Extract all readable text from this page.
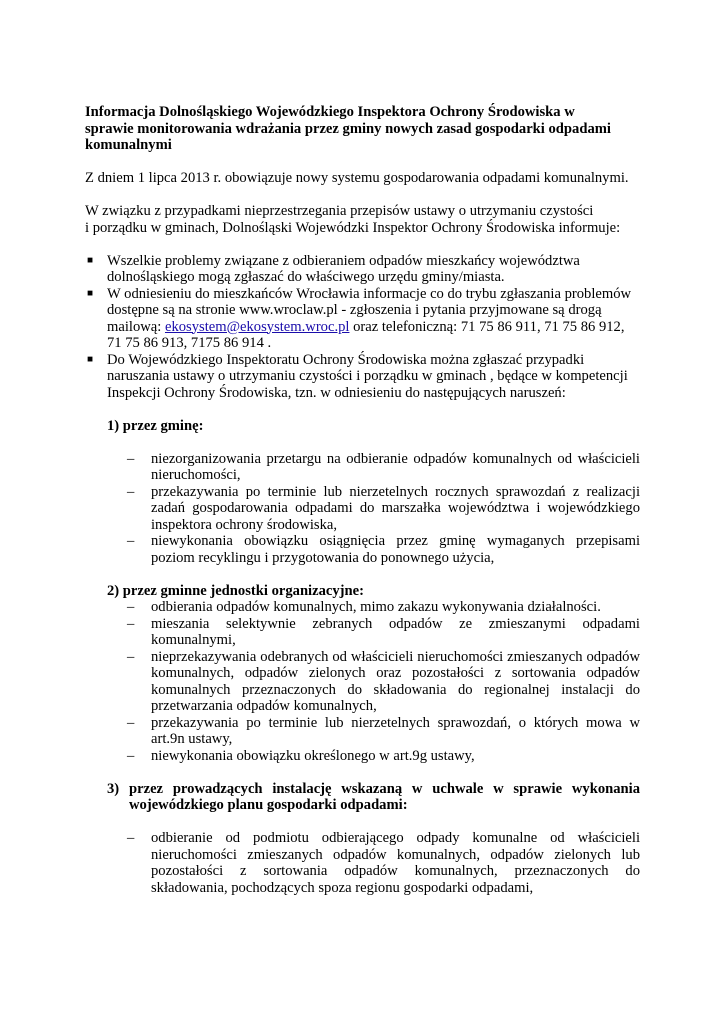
Informacja Dolnośląskiego Wojewódzkiego Inspektora Ochrony Środowiska w sprawie monitorowania wdrażania przez gminy nowych zasad gospodarki odpadami komunalnymi

Z dniem 1 lipca 2013 r. obowiązuje nowy systemu gospodarowania odpadami komunalnymi.

W związku z przypadkami nieprzestrzegania przepisów ustawy o utrzymaniu czystości
i porządku w gminach, Dolnośląski Wojewódzki Inspektor Ochrony Środowiska informuje:

■ Wszelkie problemy związane z odbieraniem odpadów mieszkańcy województwa dolnośląskiego mogą zgłaszać do właściwego urzędu gminy/miasta.
■ W odniesieniu do mieszkańców Wrocławia informacje co do trybu zgłaszania problemów dostępne są na stronie www.wroclaw.pl - zgłoszenia i pytania przyjmowane są drogą mailową: ekosystem@ekosystem.wroc.pl oraz telefoniczną: 71 75 86 911, 71 75 86 912, 71 75 86 913, 7175 86 914 .
■ Do Wojewódzkiego Inspektoratu Ochrony Środowiska można zgłaszać przypadki naruszania ustawy o utrzymaniu czystości i porządku w gminach , będące w kompetencji Inspekcji Ochrony Środowiska, tzn. w odniesieniu do następujących naruszeń:

1) przez gminę:

– niezorganizowania przetargu na odbieranie odpadów komunalnych od właścicieli nieruchomości,
– przekazywania po terminie lub nierzetelnych rocznych sprawozdań z realizacji zadań gospodarowania odpadami do marszałka województwa i wojewódzkiego inspektora ochrony środowiska,
– niewykonania obowiązku osiągnięcia przez gminę wymaganych przepisami poziom recyklingu i przygotowania do ponownego użycia,

2) przez gminne jednostki organizacyjne:

– odbierania odpadów komunalnych, mimo zakazu wykonywania działalności.
– mieszania selektywnie zebranych odpadów ze zmieszanymi odpadami komunalnymi,
– nieprzekazywania odebranych od właścicieli nieruchomości zmieszanych odpadów komunalnych, odpadów zielonych oraz pozostałości z sortowania odpadów komunalnych przeznaczonych do składowania do regionalnej instalacji do przetwarzania odpadów komunalnych,
– przekazywania po terminie lub nierzetelnych sprawozdań, o których mowa w art.9n ustawy,
– niewykonania obowiązku określonego w art.9g ustawy,
3) przez prowadzących instalację wskazaną w uchwale w sprawie wykonania wojewódzkiego planu gospodarki odpadami:
– odbieranie od podmiotu odbierającego odpady komunalne od właścicieli nieruchomości zmieszanych odpadów komunalnych, odpadów zielonych lub pozostałości z sortowania odpadów komunalnych, przeznaczonych do składowania, pochodzących spoza regionu gospodarki odpadami,
